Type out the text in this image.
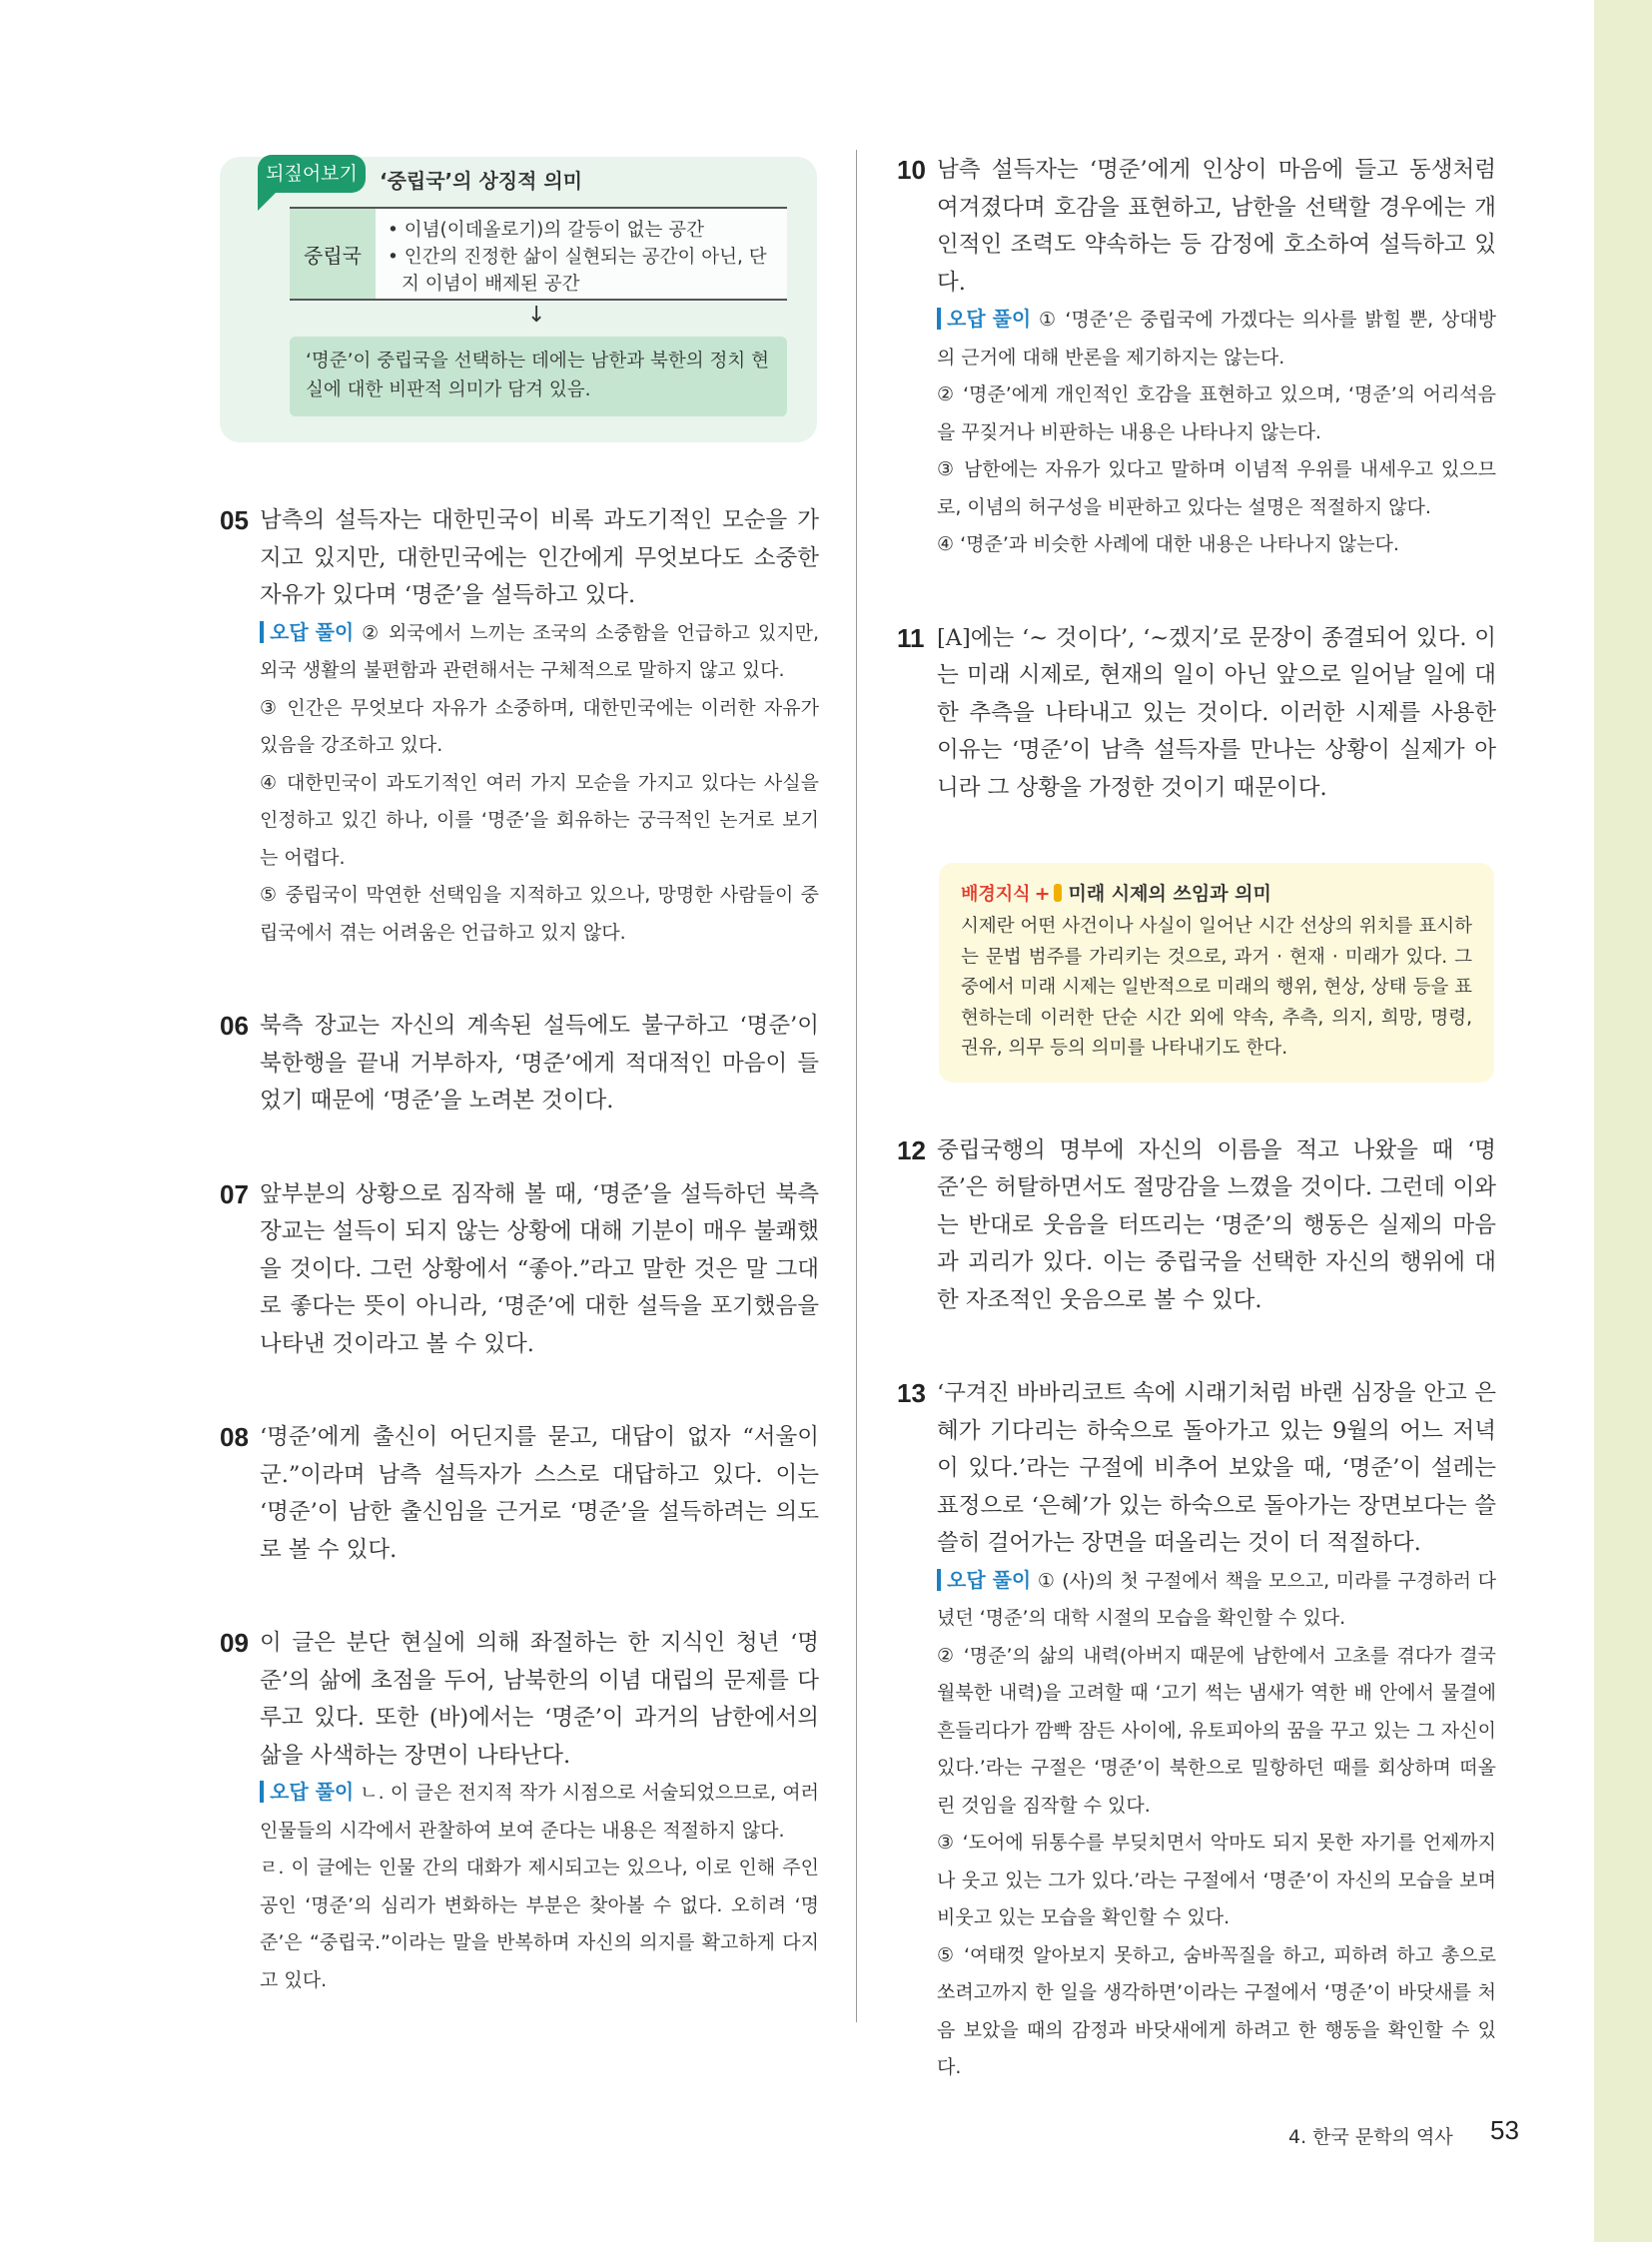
되짚어보기	‘중립국’의 상징적 의미
중립국
• 이념(이데올로기)의 갈등이 없는 공간
• 인간의 진정한 삶이 실현되는 공간이 아닌, 단지 이념이 배제된 공간
↓
‘명준’이 중립국을 선택하는 데에는 남한과 북한의 정치 현실에 대한 비판적 의미가 담겨 있음.
05 남측의 설득자는 대한민국이 비록 과도기적인 모순을 가지고 있지만, 대한민국에는 인간에게 무엇보다도 소중한 자유가 있다며 ‘명준’을 설득하고 있다.
오답 풀이 ② 외국에서 느끼는 조국의 소중함을 언급하고 있지만, 외국 생활의 불편함과 관련해서는 구체적으로 말하지 않고 있다.
③ 인간은 무엇보다 자유가 소중하며, 대한민국에는 이러한 자유가 있음을 강조하고 있다.
④ 대한민국이 과도기적인 여러 가지 모순을 가지고 있다는 사실을 인정하고 있긴 하나, 이를 ‘명준’을 회유하는 궁극적인 논거로 보기는 어렵다.
⑤ 중립국이 막연한 선택임을 지적하고 있으나, 망명한 사람들이 중립국에서 겪는 어려움은 언급하고 있지 않다.
06 북측 장교는 자신의 계속된 설득에도 불구하고 ‘명준’이 북한행을 끝내 거부하자, ‘명준’에게 적대적인 마음이 들었기 때문에 ‘명준’을 노려본 것이다.
07 앞부분의 상황으로 짐작해 볼 때, ‘명준’을 설득하던 북측 장교는 설득이 되지 않는 상황에 대해 기분이 매우 불쾌했을 것이다. 그런 상황에서 “좋아.”라고 말한 것은 말 그대로 좋다는 뜻이 아니라, ‘명준’에 대한 설득을 포기했음을 나타낸 것이라고 볼 수 있다.
08 ‘명준’에게 출신이 어딘지를 묻고, 대답이 없자 “서울이군.”이라며 남측 설득자가 스스로 대답하고 있다. 이는 ‘명준’이 남한 출신임을 근거로 ‘명준’을 설득하려는 의도로 볼 수 있다.
09 이 글은 분단 현실에 의해 좌절하는 한 지식인 청년 ‘명준’의 삶에 초점을 두어, 남북한의 이념 대립의 문제를 다루고 있다. 또한 (바)에서는 ‘명준’이 과거의 남한에서의 삶을 사색하는 장면이 나타난다.
오답 풀이 ㄴ. 이 글은 전지적 작가 시점으로 서술되었으므로, 여러 인물들의 시각에서 관찰하여 보여 준다는 내용은 적절하지 않다.
ㄹ. 이 글에는 인물 간의 대화가 제시되고는 있으나, 이로 인해 주인공인 ‘명준’의 심리가 변화하는 부분은 찾아볼 수 없다. 오히려 ‘명준’은 “중립국.”이라는 말을 반복하며 자신의 의지를 확고하게 다지고 있다.
10 남측 설득자는 ‘명준’에게 인상이 마음에 들고 동생처럼 여겨졌다며 호감을 표현하고, 남한을 선택할 경우에는 개인적인 조력도 약속하는 등 감정에 호소하여 설득하고 있다.
오답 풀이 ① ‘명준’은 중립국에 가겠다는 의사를 밝힐 뿐, 상대방의 근거에 대해 반론을 제기하지는 않는다.
② ‘명준’에게 개인적인 호감을 표현하고 있으며, ‘명준’의 어리석음을 꾸짖거나 비판하는 내용은 나타나지 않는다.
③ 남한에는 자유가 있다고 말하며 이념적 우위를 내세우고 있으므로, 이념의 허구성을 비판하고 있다는 설명은 적절하지 않다.
④ ‘명준’과 비슷한 사례에 대한 내용은 나타나지 않는다.
11 [A]에는 ‘~ 것이다’, ‘~겠지’로 문장이 종결되어 있다. 이는 미래 시제로, 현재의 일이 아닌 앞으로 일어날 일에 대한 추측을 나타내고 있는 것이다. 이러한 시제를 사용한 이유는 ‘명준’이 남측 설득자를 만나는 상황이 실제가 아니라 그 상황을 가정한 것이기 때문이다.
배경지식 + 미래 시제의 쓰임과 의미
시제란 어떤 사건이나 사실이 일어난 시간 선상의 위치를 표시하는 문법 범주를 가리키는 것으로, 과거 · 현재 · 미래가 있다. 그중에서 미래 시제는 일반적으로 미래의 행위, 현상, 상태 등을 표현하는데 이러한 단순 시간 외에 약속, 추측, 의지, 희망, 명령, 권유, 의무 등의 의미를 나타내기도 한다.
12 중립국행의 명부에 자신의 이름을 적고 나왔을 때 ‘명준’은 허탈하면서도 절망감을 느꼈을 것이다. 그런데 이와는 반대로 웃음을 터뜨리는 ‘명준’의 행동은 실제의 마음과 괴리가 있다. 이는 중립국을 선택한 자신의 행위에 대한 자조적인 웃음으로 볼 수 있다.
13 ‘구겨진 바바리코트 속에 시래기처럼 바랜 심장을 안고 은혜가 기다리는 하숙으로 돌아가고 있는 9월의 어느 저녁이 있다.’라는 구절에 비추어 보았을 때, ‘명준’이 설레는 표정으로 ‘은혜’가 있는 하숙으로 돌아가는 장면보다는 쓸쓸히 걸어가는 장면을 떠올리는 것이 더 적절하다.
오답 풀이 ① (사)의 첫 구절에서 책을 모으고, 미라를 구경하러 다녔던 ‘명준’의 대학 시절의 모습을 확인할 수 있다.
② ‘명준’의 삶의 내력(아버지 때문에 남한에서 고초를 겪다가 결국 월북한 내력)을 고려할 때 ‘고기 썩는 냄새가 역한 배 안에서 물결에 흔들리다가 깜빡 잠든 사이에, 유토피아의 꿈을 꾸고 있는 그 자신이 있다.’라는 구절은 ‘명준’이 북한으로 밀항하던 때를 회상하며 떠올린 것임을 짐작할 수 있다.
③ ‘도어에 뒤통수를 부딪치면서 악마도 되지 못한 자기를 언제까지나 웃고 있는 그가 있다.’라는 구절에서 ‘명준’이 자신의 모습을 보며 비웃고 있는 모습을 확인할 수 있다.
⑤ ‘여태껏 알아보지 못하고, 숨바꼭질을 하고, 피하려 하고 총으로 쏘려고까지 한 일을 생각하면’이라는 구절에서 ‘명준’이 바닷새를 처음 보았을 때의 감정과 바닷새에게 하려고 한 행동을 확인할 수 있다.
4. 한국 문학의 역사 53
